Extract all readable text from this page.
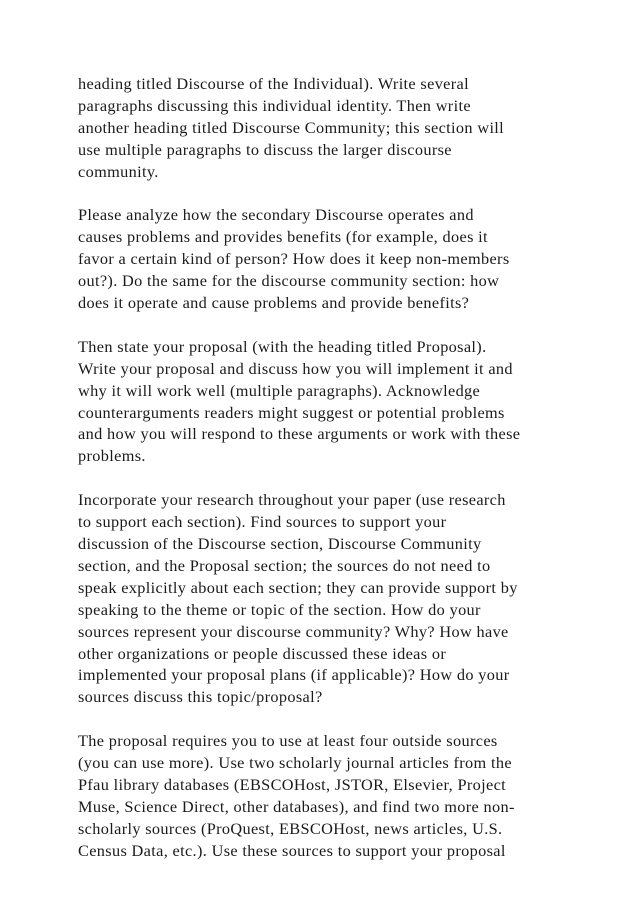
heading titled Discourse of the Individual). Write several
paragraphs discussing this individual identity. Then write
another heading titled Discourse Community; this section will
use multiple paragraphs to discuss the larger discourse
community.
Please analyze how the secondary Discourse operates and
causes problems and provides benefits (for example, does it
favor a certain kind of person? How does it keep non-members
out?). Do the same for the discourse community section: how
does it operate and cause problems and provide benefits?
Then state your proposal (with the heading titled Proposal).
Write your proposal and discuss how you will implement it and
why it will work well (multiple paragraphs). Acknowledge
counterarguments readers might suggest or potential problems
and how you will respond to these arguments or work with these
problems.
Incorporate your research throughout your paper (use research
to support each section). Find sources to support your
discussion of the Discourse section, Discourse Community
section, and the Proposal section; the sources do not need to
speak explicitly about each section; they can provide support by
speaking to the theme or topic of the section. How do your
sources represent your discourse community? Why? How have
other organizations or people discussed these ideas or
implemented your proposal plans (if applicable)? How do your
sources discuss this topic/proposal?
The proposal requires you to use at least four outside sources
(you can use more). Use two scholarly journal articles from the
Pfau library databases (EBSCOHost, JSTOR, Elsevier, Project
Muse, Science Direct, other databases), and find two more non-
scholarly sources (ProQuest, EBSCOHost, news articles, U.S.
Census Data, etc.). Use these sources to support your proposal
